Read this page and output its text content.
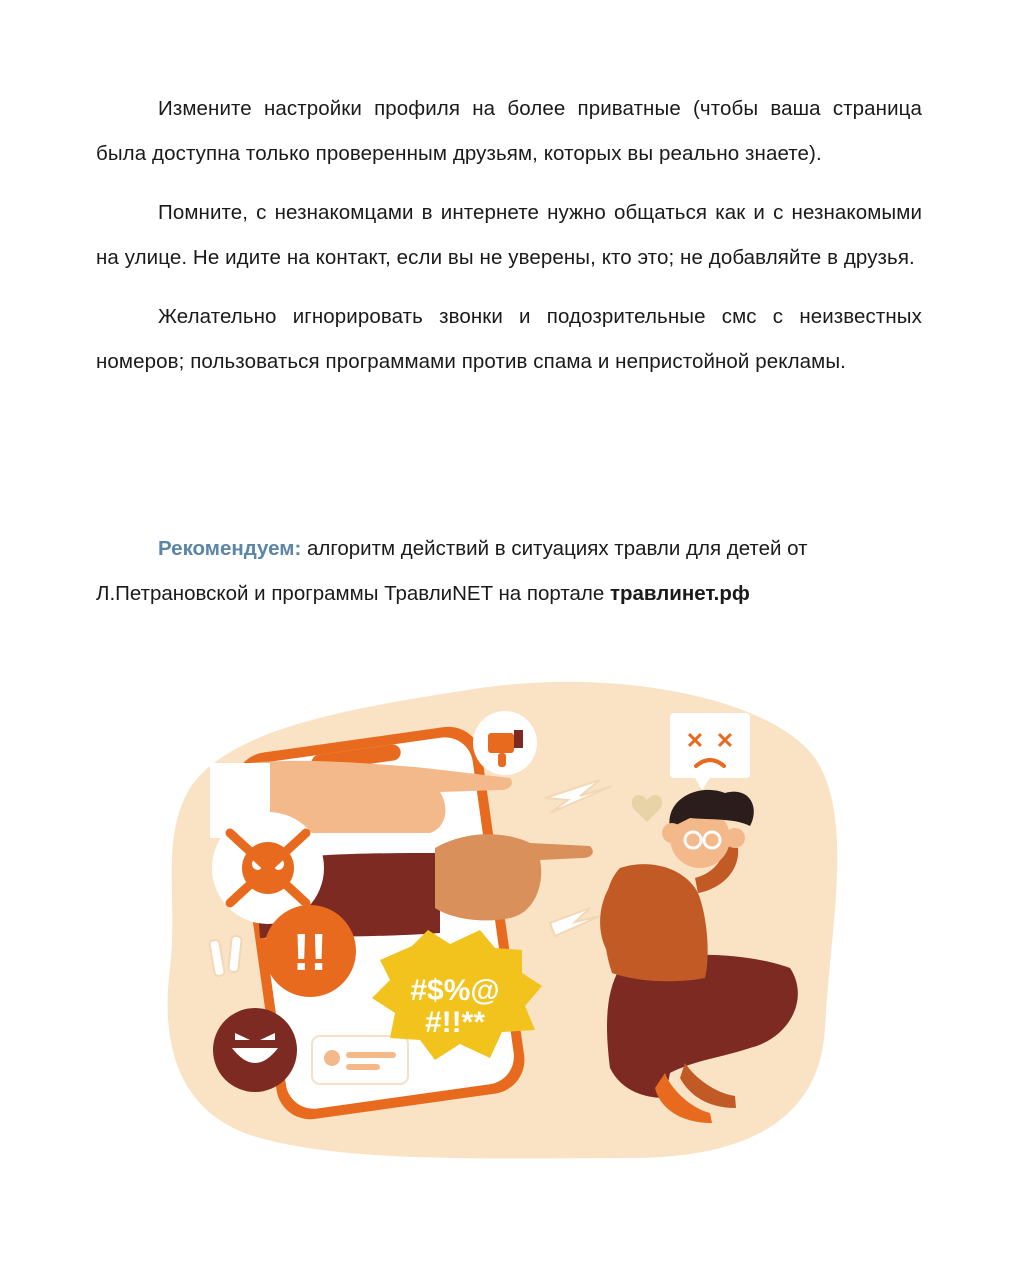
Измените настройки профиля на более приватные (чтобы ваша страница была доступна только проверенным друзьям, которых вы реально знаете).

Помните, с незнакомцами в интернете нужно общаться как и с незнакомыми на улице. Не идите на контакт, если вы не уверены, кто это; не добавляйте в друзья.

Желательно игнорировать звонки и подозрительные смс с неизвестных номеров; пользоваться программами против спама и непристойной рекламы.

Рекомендуем: алгоритм действий в ситуациях травли для детей от Л.Петрановской и программы ТравлиNET на портале травлинет.рф

!!
#$%@
#!!**
✕ ✕
